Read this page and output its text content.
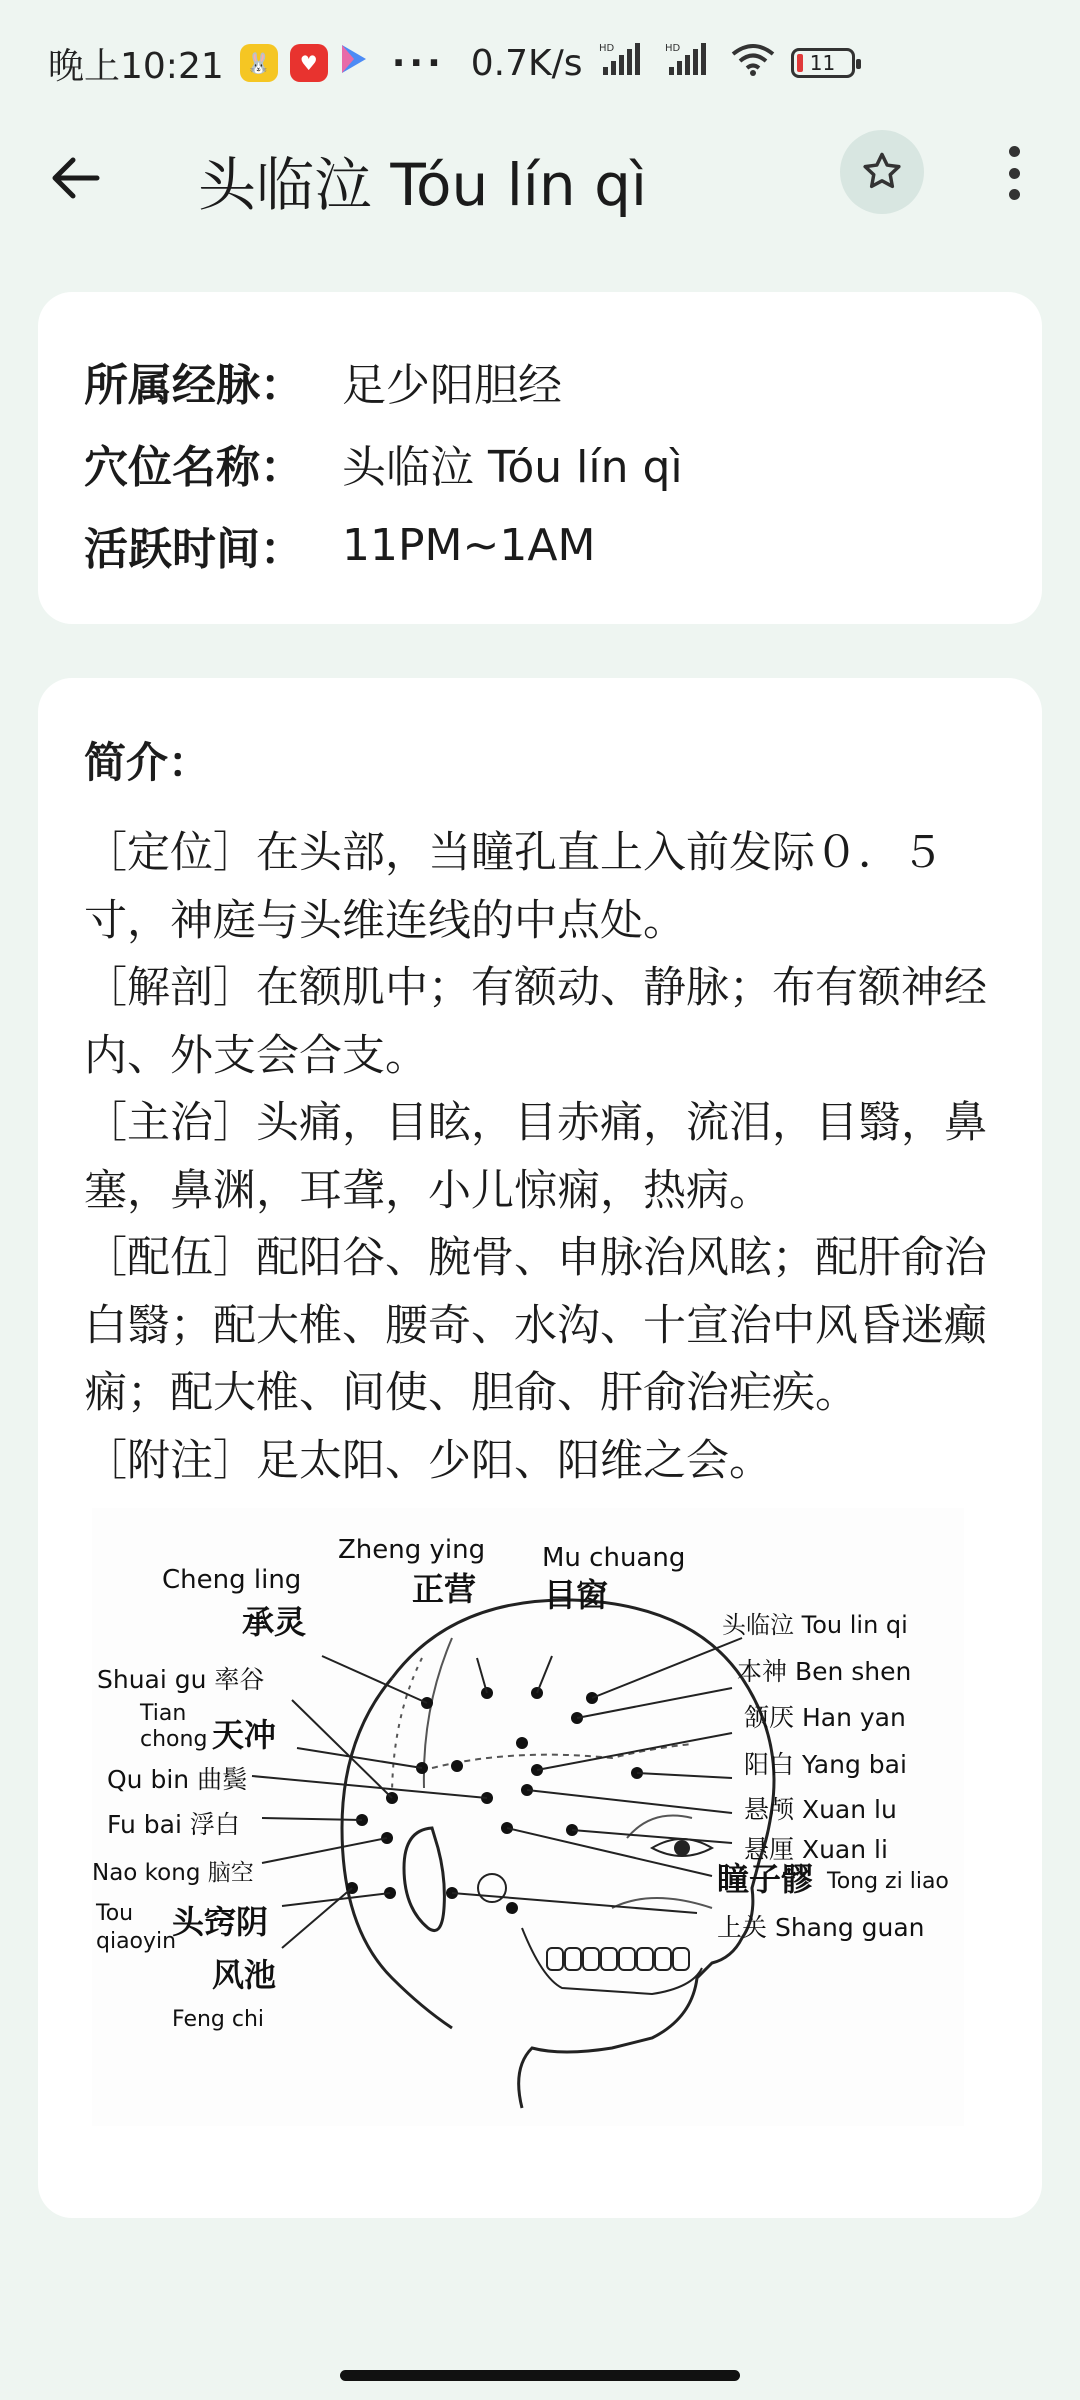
晚上10:21	🐰	♥ ··· 0.7K/s HD	HD
11
头临泣 Tóu lín qì
所属经脉： 足少阳胆经
穴位名称： 头临泣 Tóu lín qì
活跃时间： 11PM~1AM
简介：

［定位］在头部，当瞳孔直上入前发际０．５寸，神庭与头维连线的中点处。

［解剖］在额肌中；有额动、静脉；布有额神经内、外支会合支。

［主治］头痛，目眩，目赤痛，流泪，目翳，鼻塞，鼻渊，耳聋，小儿惊痫，热病。

［配伍］配阳谷、腕骨、申脉治风眩；配肝俞治白翳；配大椎、腰奇、水沟、十宣治中风昏迷癫痫；配大椎、间使、胆俞、肝俞治疟疾。

［附注］足太阳、少阳、阳维之会。

Zheng ying
正营
Mu chuang
目窗
Cheng ling
承灵	头临泣 Tou lin qi
Shuai gu 率谷	本神 Ben shen
Tian
chong 天冲	颔厌 Han yan
Qu bin 曲鬓
阳白 Yang bai
悬颅 Xuan lu
Fu bai 浮白
悬厘 Xuan li
Nao kong 脑空	瞳子髎 Tong zi liao
Tou
qiaoyin
头窍阴	上关 Shang guan
风池
Feng chi
